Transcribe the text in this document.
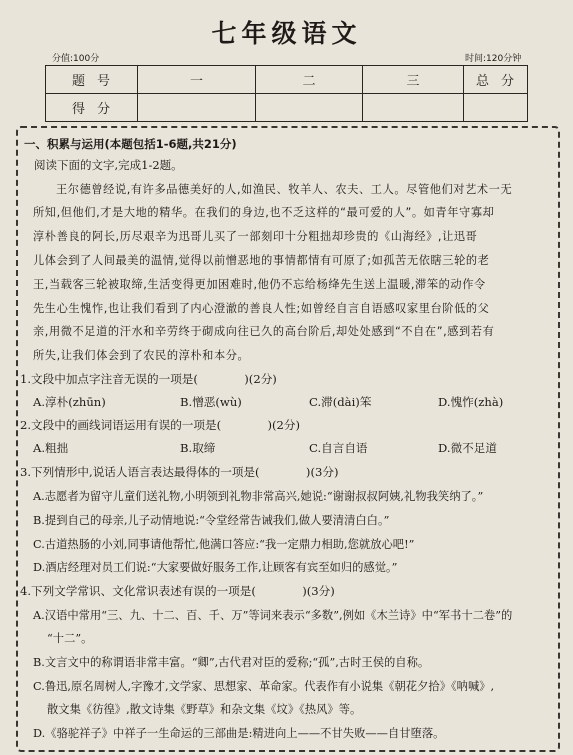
七年级语文
分值:100分	时间:120分钟
题号	一	二	三	总分
得分				
一、积累与运用(本题包括1-6题,共21分)
阅读下面的文字,完成1-2题。
王尔德曾经说,有许多品德美好的人,如渔民、牧羊人、农夫、工人。尽管他们对艺术一无
所知,但他们,才是大地的精华。在我们的身边,也不乏这样的“最可爱的人”。如青年守寡却
淳朴善良的阿长,历尽艰辛为迅哥儿买了一部刻印十分粗拙却珍贵的《山海经》,让迅哥
儿体会到了人间最美的温情,觉得以前憎恶地的事情都情有可原了;如孤苦无依瞎三轮的老
王,当载客三轮被取缔,生活变得更加困难时,他仍不忘给杨绛先生送上温暖,滞笨的动作令
先生心生愧怍,也让我们看到了内心澄澈的善良人性;如曾经自言自语感叹家里台阶低的父
亲,用微不足道的汗水和辛劳终于砌成向往已久的高台阶后,却处处感到“不自在”,感到若有
所失,让我们体会到了农民的淳朴和本分。
1.文段中加点字注音无误的一项是(　　　　)(2分)
A.淳朴(zhūn)	B.憎恶(wù)	C.滞(dài)笨	D.愧怍(zhà)
2.文段中的画线词语运用有误的一项是(　　　　)(2分)
A.粗拙	B.取缔	C.自言自语	D.微不足道
3.下列情形中,说话人语言表达最得体的一项是(　　　　)(3分)
A.志愿者为留守儿童们送礼物,小明领到礼物非常高兴,她说:“谢谢叔叔阿姨,礼物我笑纳了。”
B.提到自己的母亲,儿子动情地说:“令堂经常告诫我们,做人要清清白白。”
C.古道热肠的小刘,同事请他帮忙,他满口答应:“我一定鼎力相助,您就放心吧!”
D.酒店经理对员工们说:“大家要做好服务工作,让顾客有宾至如归的感觉。”
4.下列文学常识、文化常识表述有误的一项是(　　　　)(3分)
A.汉语中常用“三、九、十二、百、千、万”等词来表示“多数”,例如《木兰诗》中“军书十二卷”的
“十二”。
B.文言文中的称谓语非常丰富。“卿”,古代君对臣的爱称;“孤”,古时王侯的自称。
C.鲁迅,原名周树人,字豫才,文学家、思想家、革命家。代表作有小说集《朝花夕拾》《呐喊》,
散文集《彷徨》,散文诗集《野草》和杂文集《坟》《热风》等。
D.《骆驼祥子》中祥子一生命运的三部曲是:精进向上——不甘失败——自甘堕落。
